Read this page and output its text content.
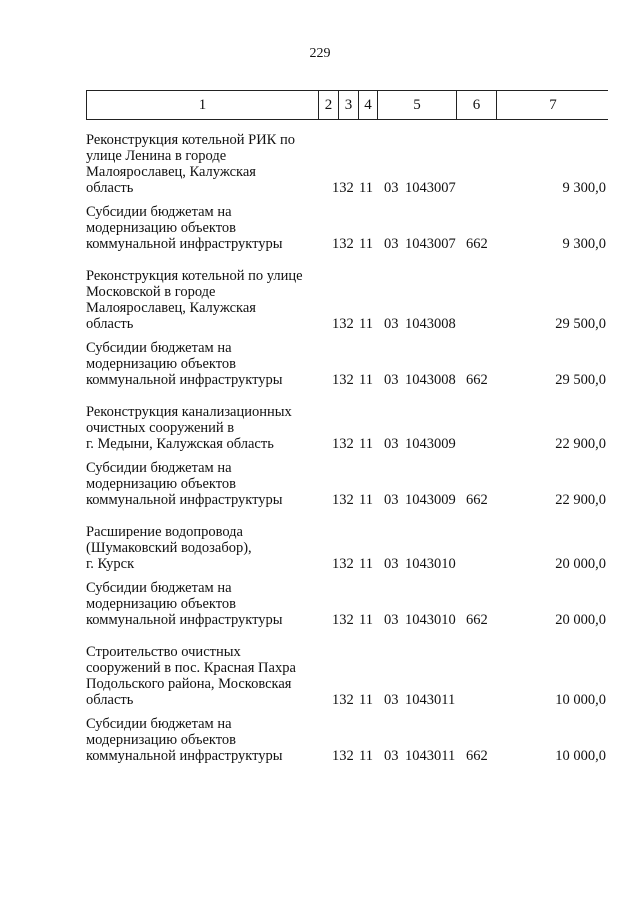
229
1	2 3 4	5	6	7
Реконструкция котельной РИК по
улице Ленина в городе
Малоярославец, Калужская
область	132 11 03 1043007	9 300,0
Субсидии бюджетам на
модернизацию объектов
коммунальной инфраструктуры	132 11 03 1043007 662	9 300,0
Реконструкция котельной по улице
Московской в городе
Малоярославец, Калужская
область	132 11 03 1043008	29 500,0
Субсидии бюджетам на
модернизацию объектов
коммунальной инфраструктуры	132 11 03 1043008 662	29 500,0
Реконструкция канализационных
очистных сооружений в
г. Медыни, Калужская область	132 11 03 1043009	22 900,0
Субсидии бюджетам на
модернизацию объектов
коммунальной инфраструктуры	132 11 03 1043009 662	22 900,0
Расширение водопровода
(Шумаковский водозабор),
г. Курск	132 11 03 1043010	20 000,0
Субсидии бюджетам на
модернизацию объектов
коммунальной инфраструктуры	132 11 03 1043010 662	20 000,0
Строительство очистных
сооружений в пос. Красная Пахра
Подольского района, Московская
область	132 11 03 1043011	10 000,0
Субсидии бюджетам на
модернизацию объектов
коммунальной инфраструктуры	132 11 03 1043011 662	10 000,0
